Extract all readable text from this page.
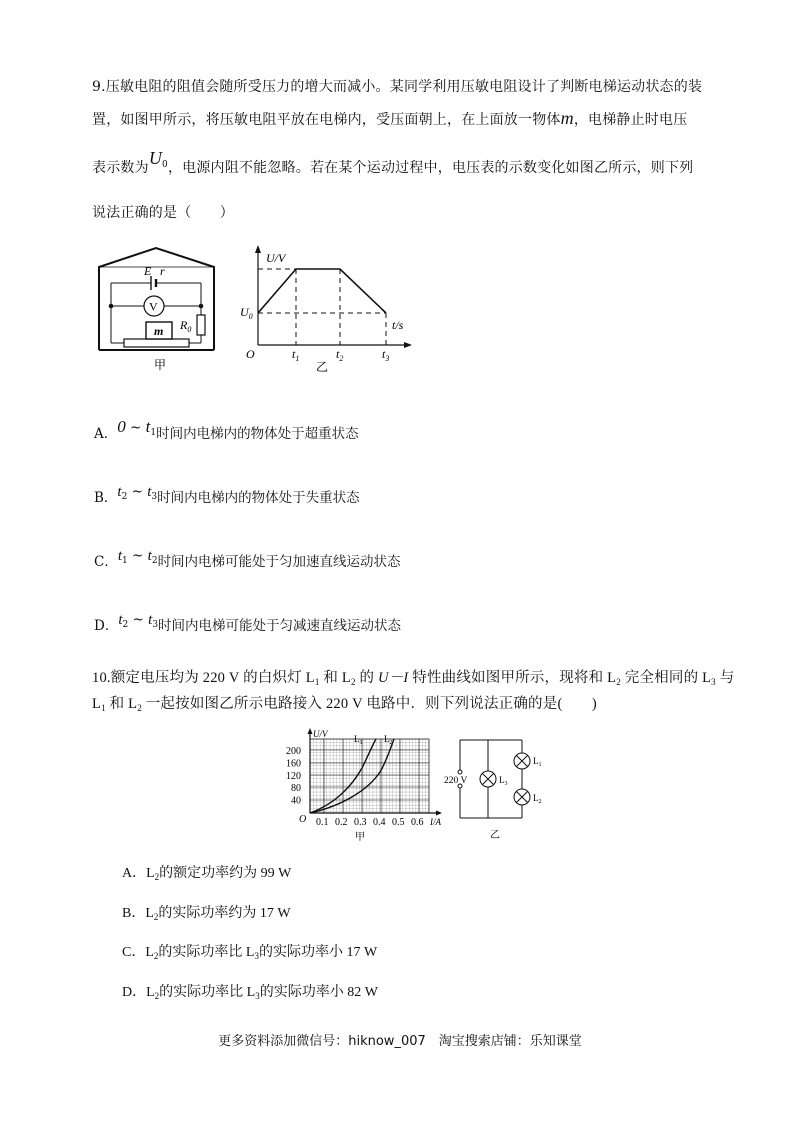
9.压敏电阻的阻值会随所受压力的增大而减小。某同学利用压敏电阻设计了判断电梯运动状态的装
置，如图甲所示，将压敏电阻平放在电梯内，受压面朝上，在上面放一物体m，电梯静止时电压
表示数为$U_0$，电源内阻不能忽略。若在某个运动过程中，电压表的示数变化如图乙所示，则下列
说法正确的是（　　）
E r
V
$R_0$
m
甲
U/V
t/s
O
$U_0$
$t_1$	$t_2$	$t_3$
乙
A．0 ~ $t_1$时间内电梯内的物体处于超重状态
B．$t_2$ ~ $t_3$时间内电梯内的物体处于失重状态
C．$t_1$ ~ $t_2$时间内电梯可能处于匀加速直线运动状态
D．$t_2$ ~ $t_3$时间内电梯可能处于匀减速直线运动状态
10.额定电压均为 220 V 的白炽灯 $L_1$ 和 $L_2$ 的 U－I 特性曲线如图甲所示，现将和 $L_2$ 完全相同的 $L_3$ 与
$L_1$ 和 $L_2$ 一起按如图乙所示电路接入 220 V 电路中．则下列说法正确的是(　　)
$L_1$ $L_2$
U/V
I/A
O
200
160
120
80
40
0.1 0.2 0.3 0.4 0.5 0.6
甲
220 V	$L_3$
$L_1$
$L_2$
乙
A．$L_2$的额定功率约为 99 W
B．$L_2$的实际功率约为 17 W
C．$L_2$的实际功率比 $L_3$的实际功率小 17 W
D．$L_2$的实际功率比 $L_3$的实际功率小 82 W
更多资料添加微信号：hiknow_007　淘宝搜索店铺：乐知课堂
